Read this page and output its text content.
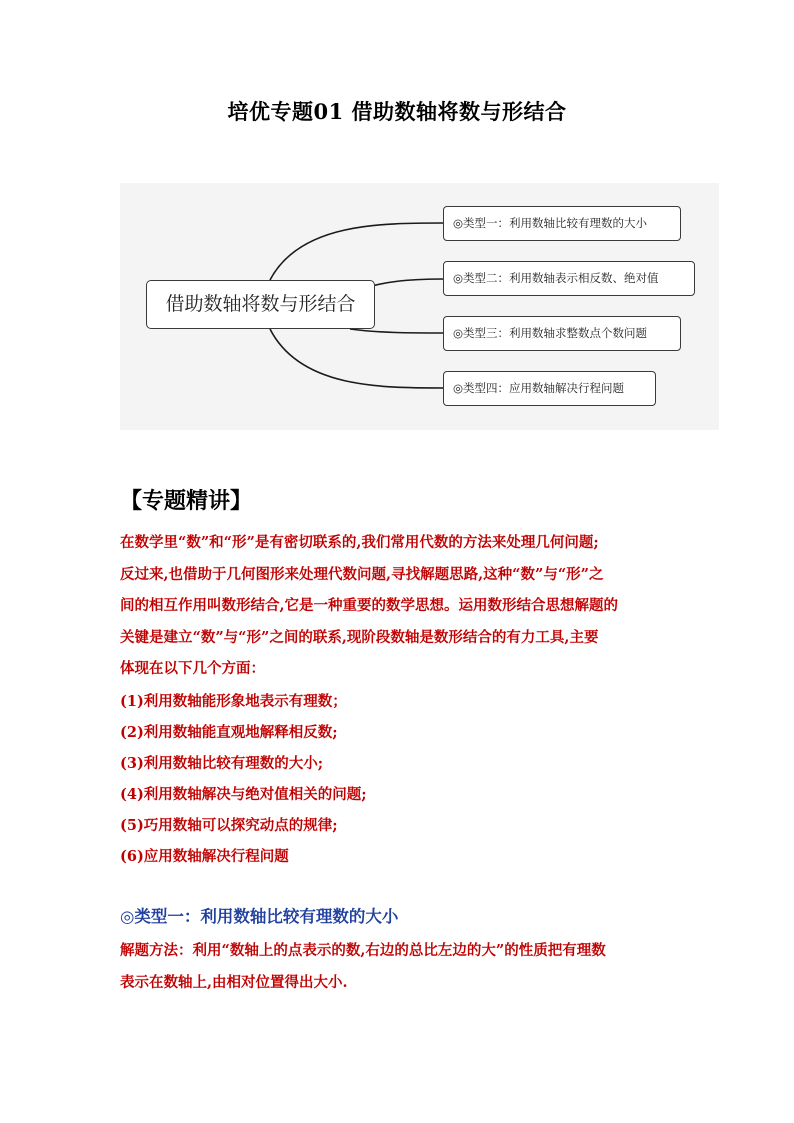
培优专题01 借助数轴将数与形结合
借助数轴将数与形结合
◎类型一：利用数轴比较有理数的大小
◎类型二：利用数轴表示相反数、绝对值
◎类型三：利用数轴求整数点个数问题
◎类型四：应用数轴解决行程问题
【专题精讲】
在数学里“数”和“形”是有密切联系的,我们常用代数的方法来处理几何问题;
反过来,也借助于几何图形来处理代数问题,寻找解题思路,这种“数”与“形”之
间的相互作用叫数形结合,它是一种重要的数学思想。运用数形结合思想解题的
关键是建立“数”与“形”之间的联系,现阶段数轴是数形结合的有力工具,主要
体现在以下几个方面：
(1)利用数轴能形象地表示有理数；
(2)利用数轴能直观地解释相反数;
(3)利用数轴比较有理数的大小;
(4)利用数轴解决与绝对值相关的问题;
(5)巧用数轴可以探究动点的规律;
(6)应用数轴解决行程问题
◎类型一：利用数轴比较有理数的大小
解题方法：利用“数轴上的点表示的数,右边的总比左边的大”的性质把有理数
表示在数轴上,由相对位置得出大小.
